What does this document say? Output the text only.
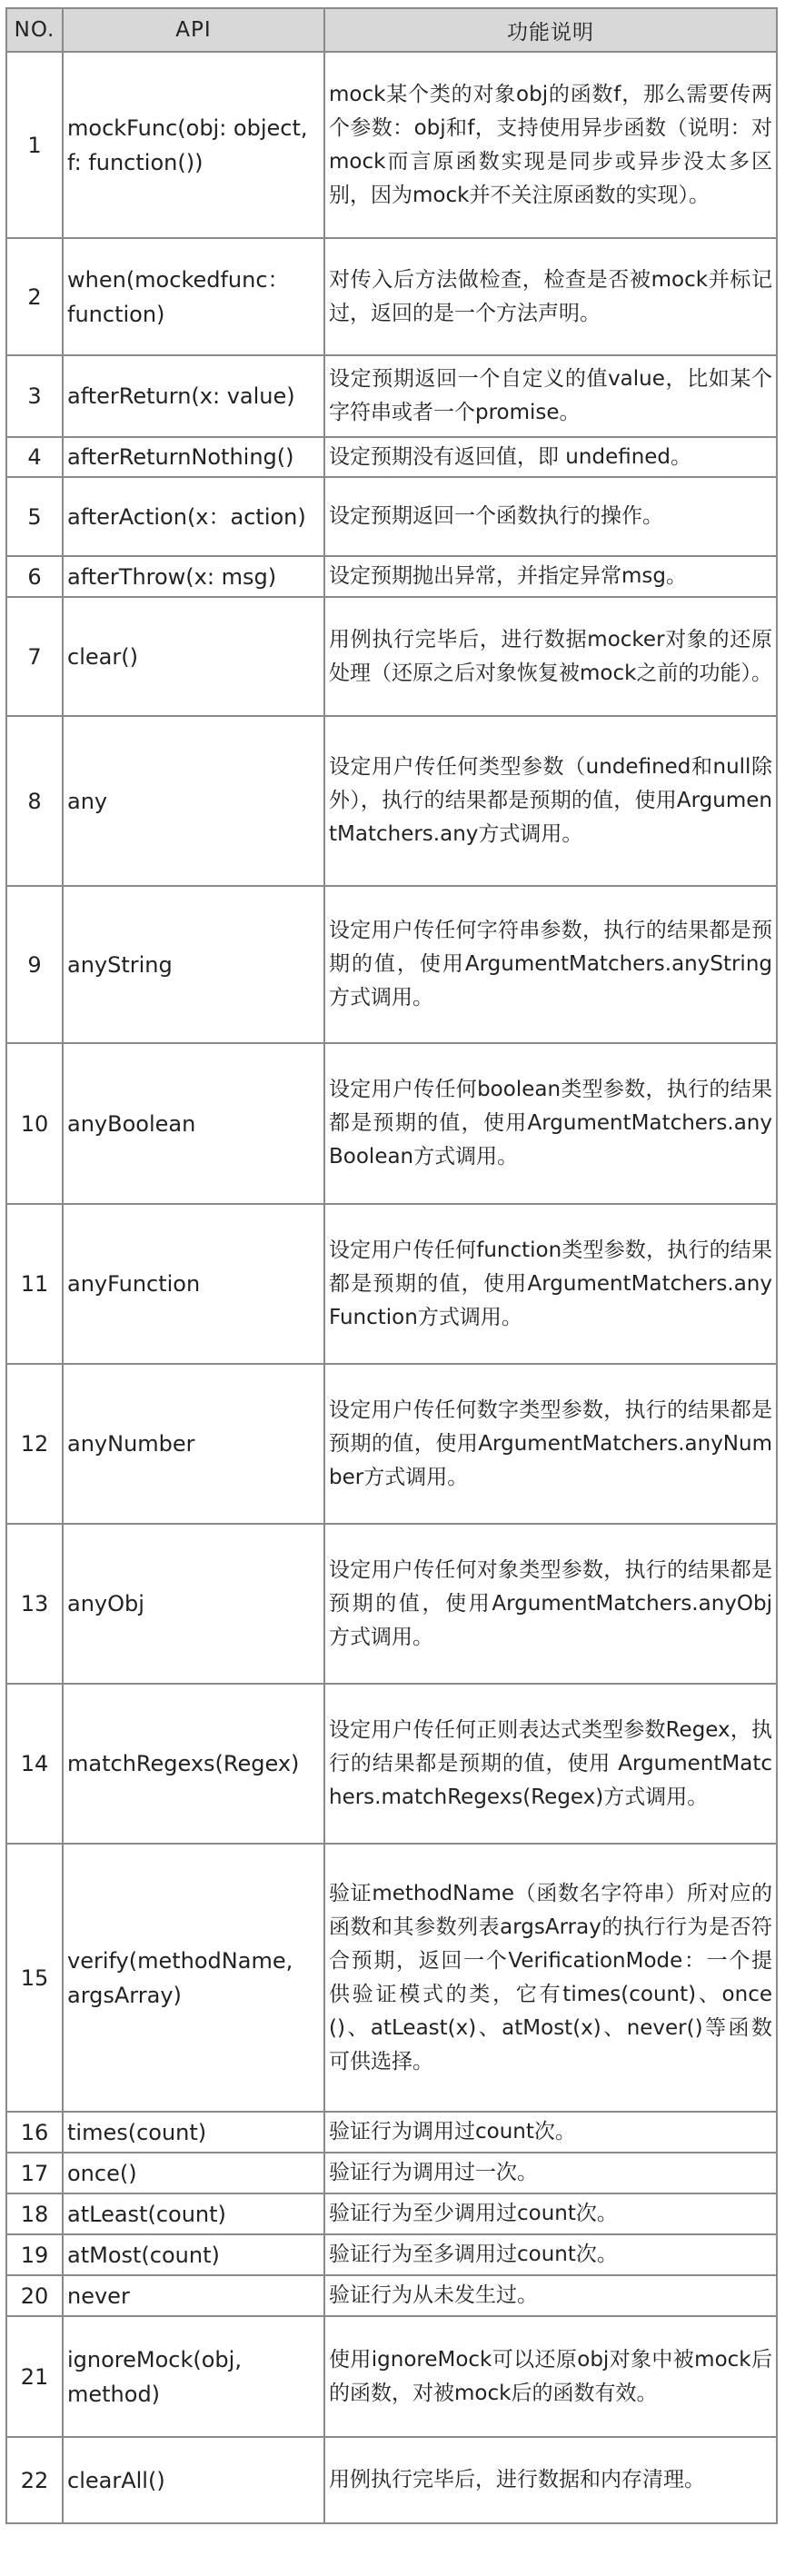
NO.	API	功能说明
1	mockFunc(obj: object, f: function())	mock某个类的对象obj的函数f，那么需要传两个参数：obj和f，支持使用异步函数（说明：对mock而言原函数实现是同步或异步没太多区别，因为mock并不关注原函数的实现）。
2	when(mockedfunc：function)	对传入后方法做检查，检查是否被mock并标记过，返回的是一个方法声明。
3	afterReturn(x: value)	设定预期返回一个自定义的值value，比如某个字符串或者一个promise。
4	afterReturnNothing()	设定预期没有返回值，即 undefined。
5	afterAction(x：action)	设定预期返回一个函数执行的操作。
6	afterThrow(x: msg)	设定预期抛出异常，并指定异常msg。
7	clear()	用例执行完毕后，进行数据mocker对象的还原处理（还原之后对象恢复被mock之前的功能）。
8	any	设定用户传任何类型参数（undefined和null除外），执行的结果都是预期的值，使用ArgumentMatchers.any方式调用。
9	anyString	设定用户传任何字符串参数，执行的结果都是预期的值，使用ArgumentMatchers.anyString方式调用。
10	anyBoolean	设定用户传任何boolean类型参数，执行的结果都是预期的值，使用ArgumentMatchers.anyBoolean方式调用。
11	anyFunction	设定用户传任何function类型参数，执行的结果都是预期的值，使用ArgumentMatchers.anyFunction方式调用。
12	anyNumber	设定用户传任何数字类型参数，执行的结果都是预期的值，使用ArgumentMatchers.anyNumber方式调用。
13	anyObj	设定用户传任何对象类型参数，执行的结果都是预期的值，使用ArgumentMatchers.anyObj方式调用。
14	matchRegexs(Regex)	设定用户传任何正则表达式类型参数Regex，执行的结果都是预期的值，使用 ArgumentMatchers.matchRegexs(Regex)方式调用。
15	verify(methodName, argsArray)	验证methodName（函数名字符串）所对应的函数和其参数列表argsArray的执行行为是否符合预期，返回一个VerificationMode：一个提供验证模式的类，它有times(count)、once()、atLeast(x)、atMost(x)、never()等函数可供选择。
16	times(count)	验证行为调用过count次。
17	once()	验证行为调用过一次。
18	atLeast(count)	验证行为至少调用过count次。
19	atMost(count)	验证行为至多调用过count次。
20	never	验证行为从未发生过。
21	ignoreMock(obj, method)	使用ignoreMock可以还原obj对象中被mock后的函数，对被mock后的函数有效。
22	clearAll()	用例执行完毕后，进行数据和内存清理。
